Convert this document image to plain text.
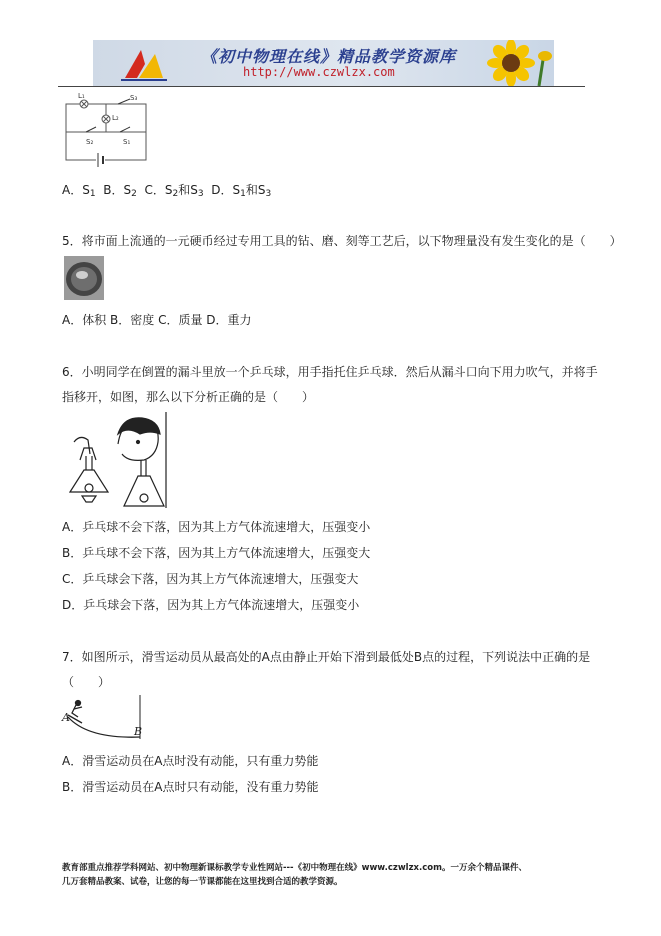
《初中物理在线》精品教学资源库
http://www.czwlzx.com
L₁
L₂
S₃
S₂	S₁
A．$S_1$ B．$S_2$ C．$S_2$和$S_3$ D．$S_1$和$S_3$
5．将市面上流通的一元硬币经过专用工具的钻、磨、刻等工艺后，以下物理量没有发生变化的是（　　）
A．体积 B．密度 C．质量 D．重力
6．小明同学在倒置的漏斗里放一个乒乓球，用手指托住乒乓球．然后从漏斗口向下用力吹气，并将手
指移开，如图，那么以下分析正确的是（　　）
A．乒乓球不会下落，因为其上方气体流速增大，压强变小
B．乒乓球不会下落，因为其上方气体流速增大，压强变大
C．乒乓球会下落，因为其上方气体流速增大，压强变大
D．乒乓球会下落，因为其上方气体流速增大，压强变小
7．如图所示，滑雪运动员从最高处的A点由静止开始下滑到最低处B点的过程，下列说法中正确的是
（　　）
A
B
A．滑雪运动员在A点时没有动能，只有重力势能
B．滑雪运动员在A点时只有动能，没有重力势能
教育部重点推荐学科网站、初中物理新课标教学专业性网站---《初中物理在线》www.czwlzx.com。一万余个精品课件、
几万套精品教案、试卷，让您的每一节课都能在这里找到合适的教学资源。
